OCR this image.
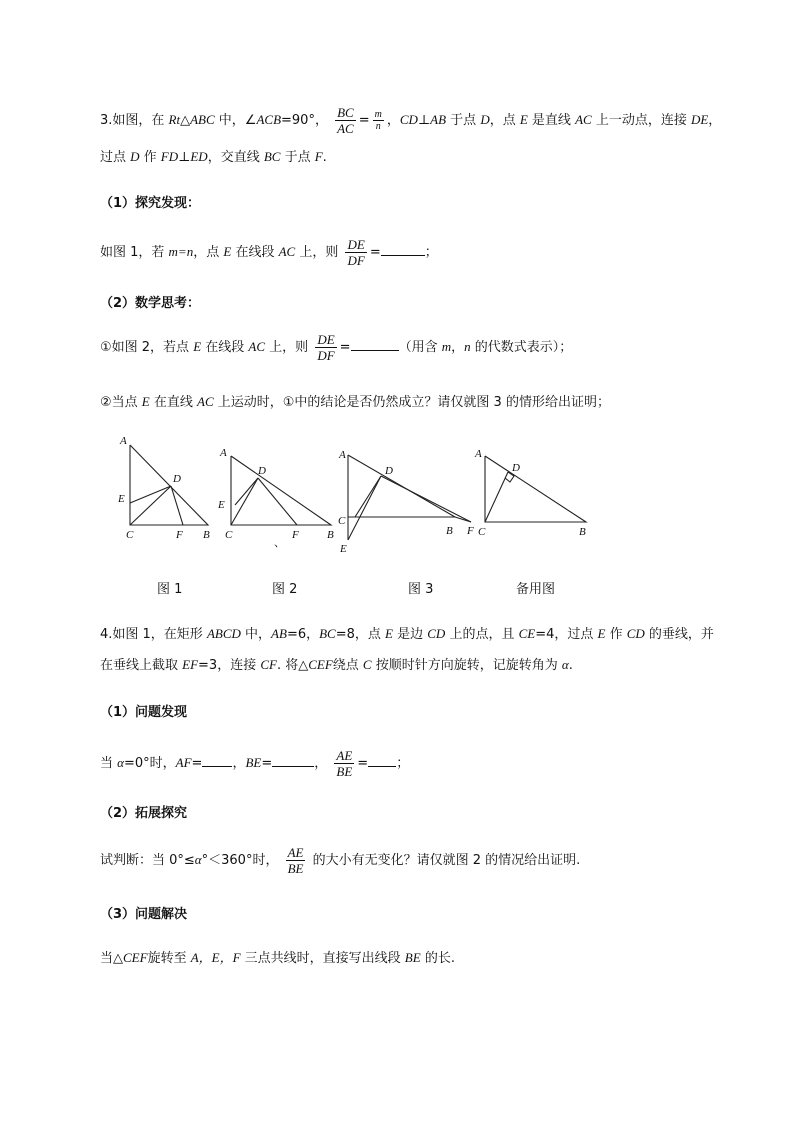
3.如图，在 Rt△ABC 中，∠ACB=90°， $\frac{BC}{AC} = \frac{m}{n}$ ，CD⊥AB 于点 D，点 E 是直线 AC 上一动点，连接 DE，
过点 D 作 FD⊥ED，交直线 BC 于点 F.
（1）探究发现：
如图 1，若 m=n，点 E 在线段 AC 上，则 $\frac{DE}{DF}$ =	；
（2）数学思考：
①如图 2，若点 E 在线段 AC 上，则 $\frac{DE}{DF}$ =	（用含 m，n 的代数式表示）；
②当点 E 在直线 AC 上运动时，①中的结论是否仍然成立？请仅就图 3 的情形给出证明；
A
D
E
C	F B
A
D
E
C	F	B
、
A
D
C
E
B F
A
D
C	B
图 1	图 2	图 3	备用图
4.如图 1，在矩形 ABCD 中，AB=6，BC=8，点 E 是边 CD 上的点，且 CE=4，过点 E 作 CD 的垂线，并
在垂线上截取 EF=3，连接 CF. 将△CEF绕点 C 按顺时针方向旋转，记旋转角为 α.
（1）问题发现
当 α=0°时，AF= ，BE=	， $\frac{AE}{BE}$ = ；
（2）拓展探究
试判断：当 0°≤α°＜360°时， $\frac{AE}{BE}$ 的大小有无变化？请仅就图 2 的情况给出证明.
（3）问题解决
当△CEF旋转至 A，E，F 三点共线时，直接写出线段 BE 的长.
